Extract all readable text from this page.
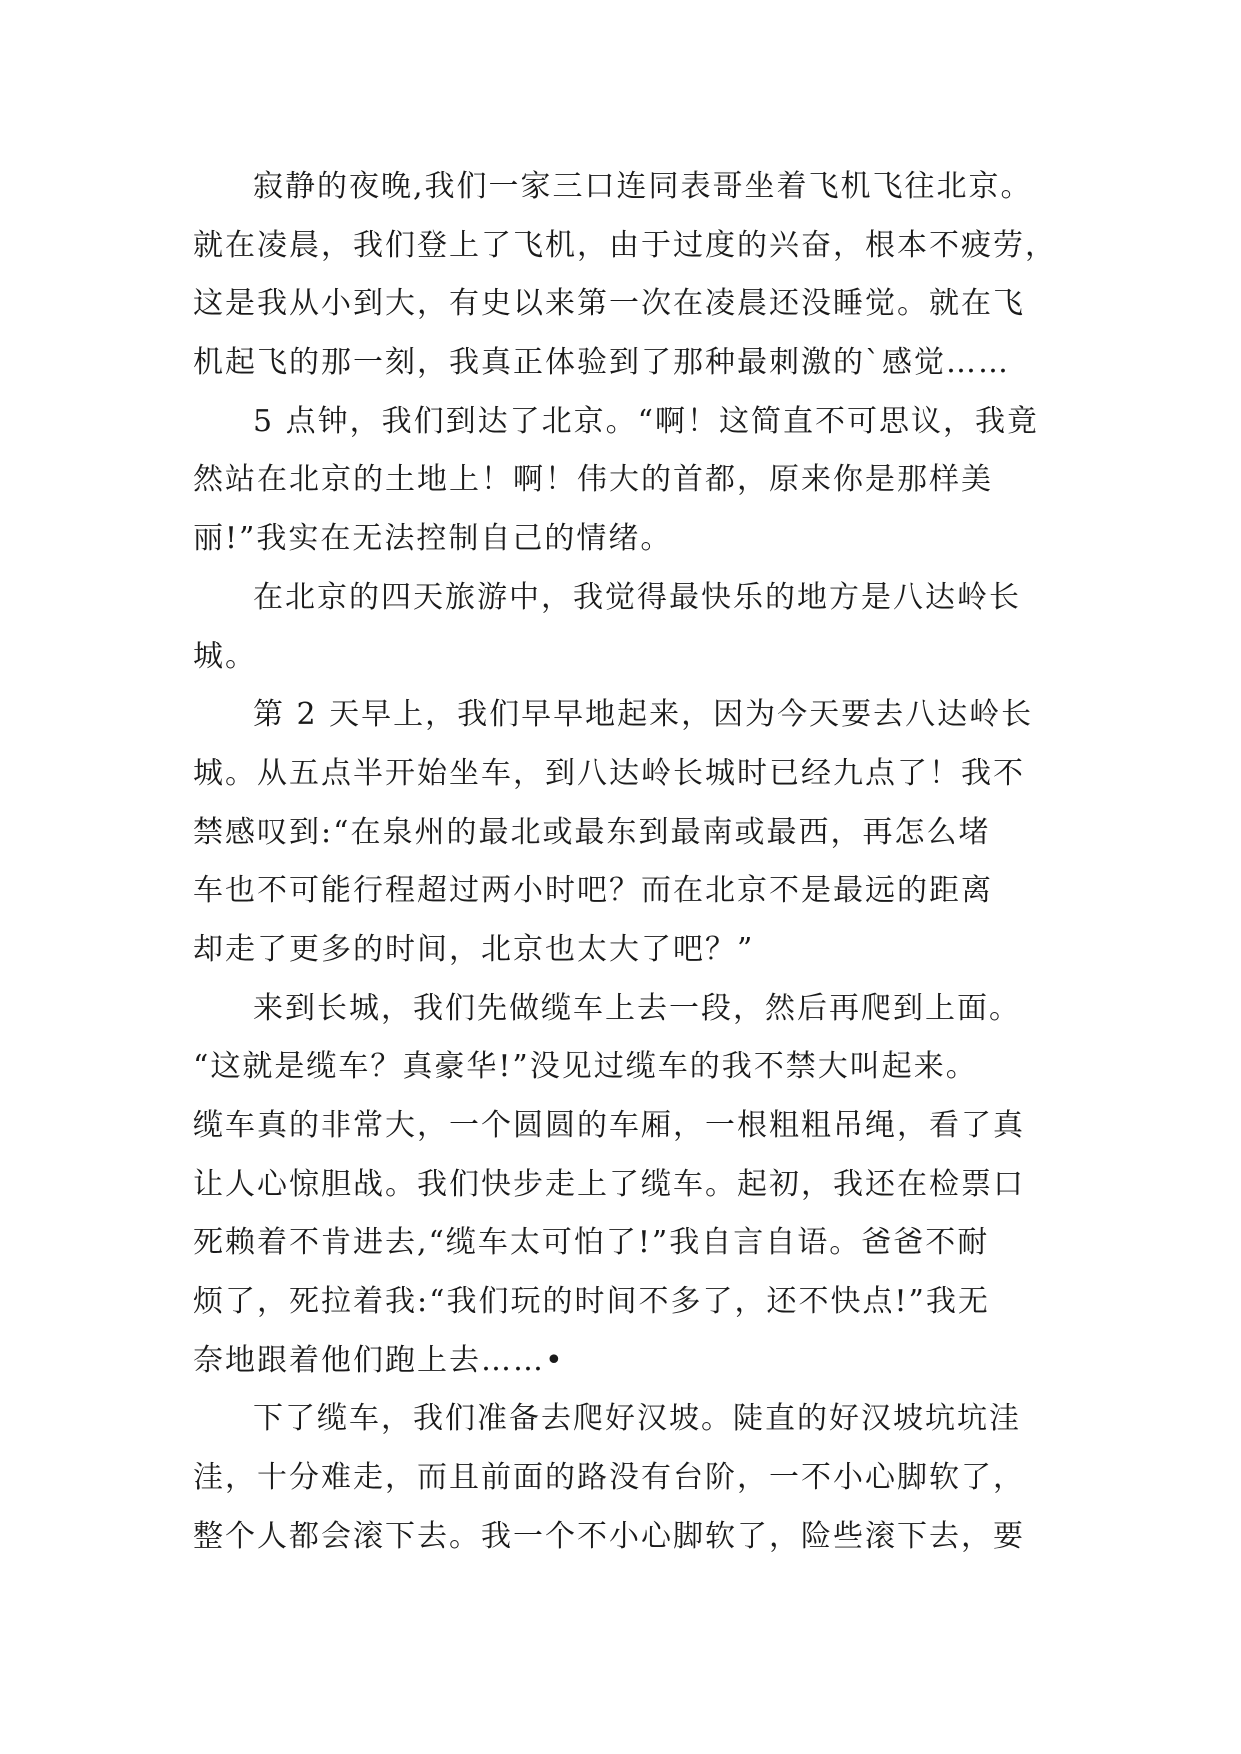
寂静的夜晚,我们一家三口连同表哥坐着飞机飞往北京。
就在凌晨，我们登上了飞机，由于过度的兴奋，根本不疲劳，
这是我从小到大，有史以来第一次在凌晨还没睡觉。就在飞
机起飞的那一刻，我真正体验到了那种最刺激的`感觉……
5 点钟，我们到达了北京。“啊！这简直不可思议，我竟
然站在北京的土地上！啊！伟大的首都，原来你是那样美
丽!”我实在无法控制自己的情绪。
在北京的四天旅游中，我觉得最快乐的地方是八达岭长
城。
第 2 天早上，我们早早地起来，因为今天要去八达岭长
城。从五点半开始坐车，到八达岭长城时已经九点了！我不
禁感叹到:“在泉州的最北或最东到最南或最西，再怎么堵
车也不可能行程超过两小时吧？而在北京不是最远的距离
却走了更多的时间，北京也太大了吧？”
来到长城，我们先做缆车上去一段，然后再爬到上面。
“这就是缆车？真豪华!”没见过缆车的我不禁大叫起来。
缆车真的非常大，一个圆圆的车厢，一根粗粗吊绳，看了真
让人心惊胆战。我们快步走上了缆车。起初，我还在检票口
死赖着不肯进去,“缆车太可怕了!”我自言自语。爸爸不耐
烦了，死拉着我:“我们玩的时间不多了，还不快点!”我无
奈地跟着他们跑上去……•
下了缆车，我们准备去爬好汉坡。陡直的好汉坡坑坑洼
洼，十分难走，而且前面的路没有台阶，一不小心脚软了，
整个人都会滚下去。我一个不小心脚软了，险些滚下去，要
